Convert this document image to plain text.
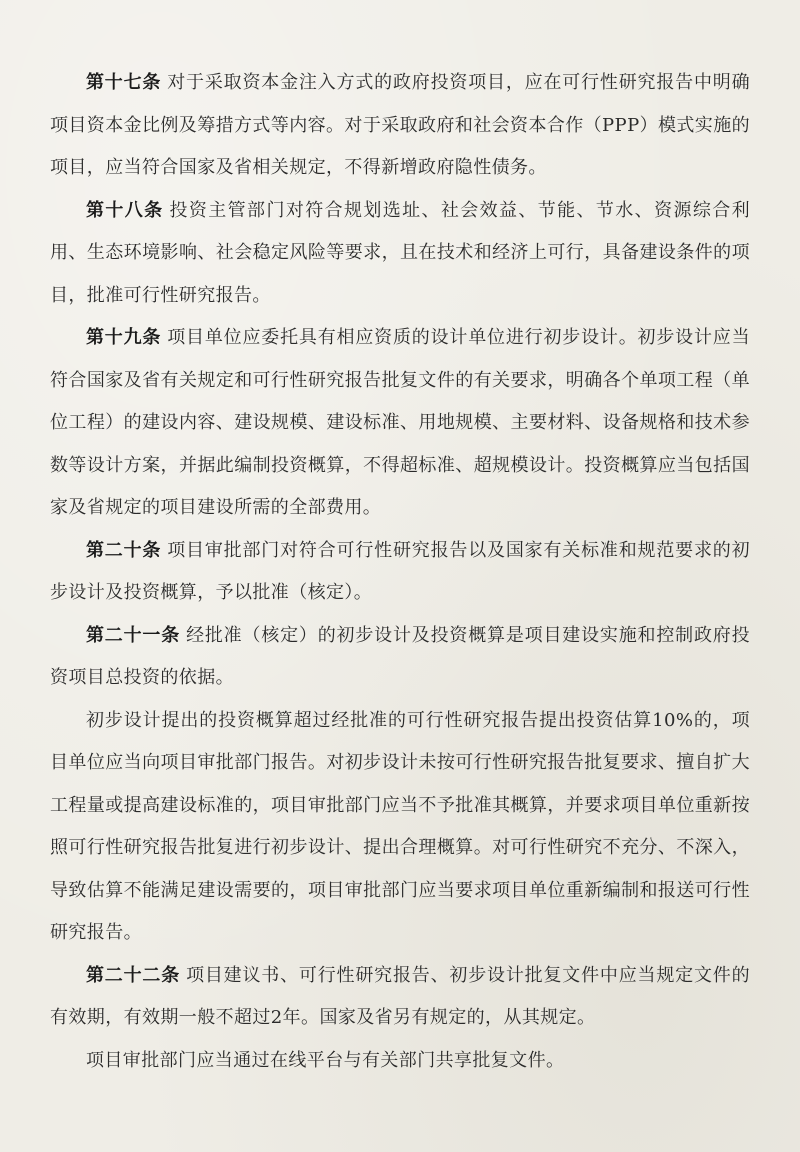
第十七条 对于采取资本金注入方式的政府投资项目，应在可行性研究报告中明确项目资本金比例及筹措方式等内容。对于采取政府和社会资本合作（PPP）模式实施的项目，应当符合国家及省相关规定，不得新增政府隐性债务。

第十八条 投资主管部门对符合规划选址、社会效益、节能、节水、资源综合利用、生态环境影响、社会稳定风险等要求，且在技术和经济上可行，具备建设条件的项目，批准可行性研究报告。

第十九条 项目单位应委托具有相应资质的设计单位进行初步设计。初步设计应当符合国家及省有关规定和可行性研究报告批复文件的有关要求，明确各个单项工程（单位工程）的建设内容、建设规模、建设标准、用地规模、主要材料、设备规格和技术参数等设计方案，并据此编制投资概算，不得超标准、超规模设计。投资概算应当包括国家及省规定的项目建设所需的全部费用。

第二十条 项目审批部门对符合可行性研究报告以及国家有关标准和规范要求的初步设计及投资概算，予以批准（核定）。

第二十一条 经批准（核定）的初步设计及投资概算是项目建设实施和控制政府投资项目总投资的依据。

初步设计提出的投资概算超过经批准的可行性研究报告提出投资估算10%的，项目单位应当向项目审批部门报告。对初步设计未按可行性研究报告批复要求、擅自扩大工程量或提高建设标准的，项目审批部门应当不予批准其概算，并要求项目单位重新按照可行性研究报告批复进行初步设计、提出合理概算。对可行性研究不充分、不深入，导致估算不能满足建设需要的，项目审批部门应当要求项目单位重新编制和报送可行性研究报告。

第二十二条 项目建议书、可行性研究报告、初步设计批复文件中应当规定文件的有效期，有效期一般不超过2年。国家及省另有规定的，从其规定。

项目审批部门应当通过在线平台与有关部门共享批复文件。
